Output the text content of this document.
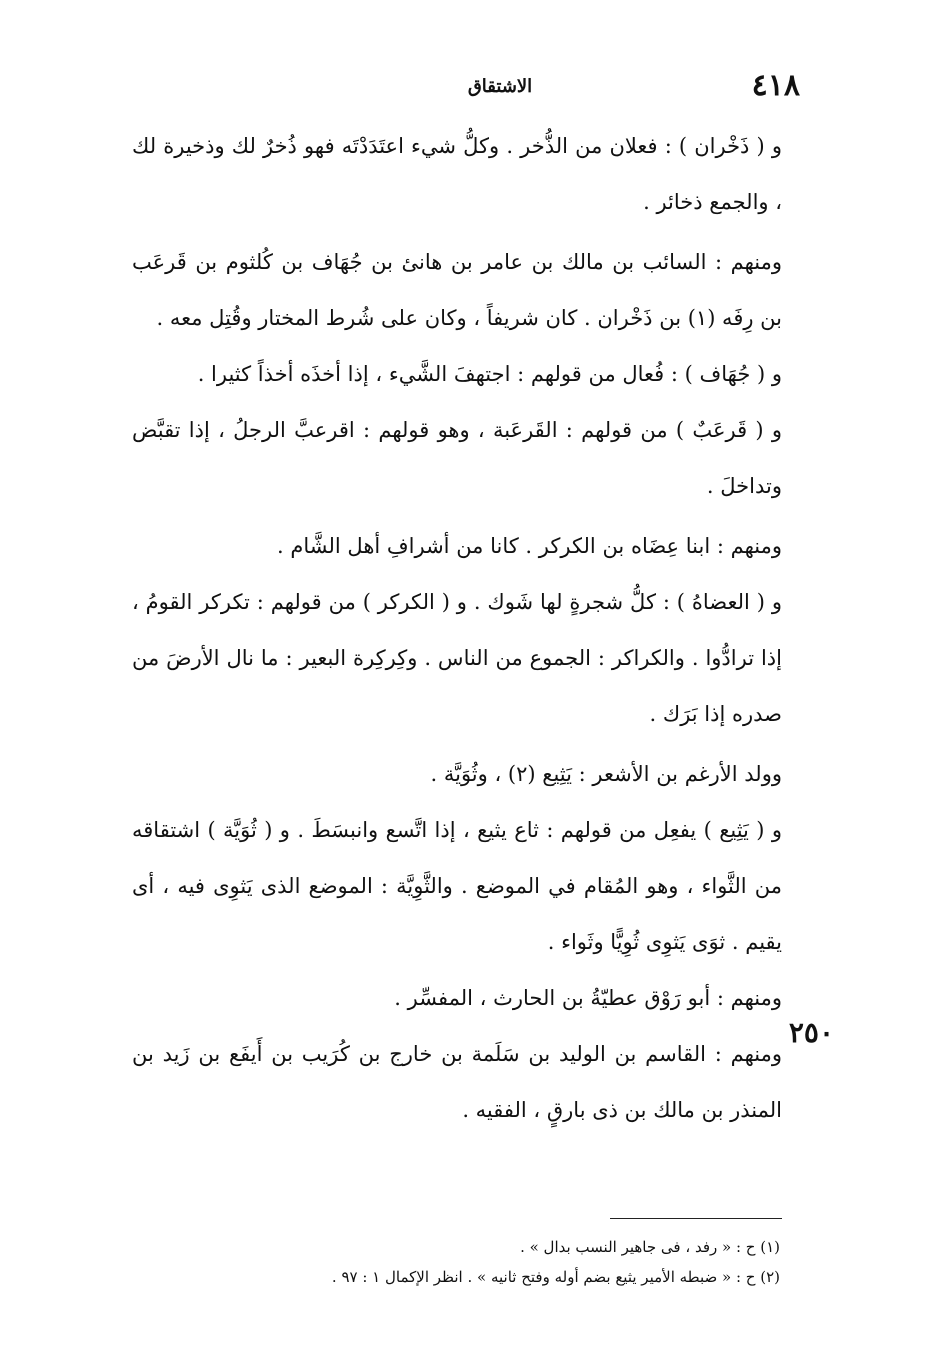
٤١٨
الاشتقاق

و ( ذَخْران ) : فعلان من الذُّخر . وكلُّ شيء اعتَدَدْتَه فهو ذُخرٌ لك وذخيرة لك ، والجمع ذخائر .

ومنهم : السائب بن مالك بن عامر بن هانئ بن جُهَاف بن كُلثوم بن قَرعَب بن رِفَه (١) بن ذَخْران . كان شريفاً ، وكان على شُرط المختار وقُتِل معه .

و ( جُهَاف ) : فُعال من قولهم : اجتهفَ الشَّيء ، إذا أخذَه أخذاً كثيرا .

و ( قَرعَبٌ ) من قولهم : القَرعَبة ، وهو قولهم : اقرعبَّ الرجلُ ، إذا تقبَّض وتداخلَ .

ومنهم : ابنا عِضَاه بن الكركر . كانا من أشرافِ أهل الشَّام .

و ( العضاهُ ) : كلُّ شجرةٍ لها شَوك . و ( الكركر ) من قولهم : تكركر القومُ ، إذا ترادُّوا . والكراكر : الجموع من الناس . وكِركِرة البعير : ما نال الأرضَ من صدره إذا بَرَك .

وولد الأرغم بن الأشعر : يَثِيع (٢) ، وثُوَيَّة .

و ( يَثِيع ) يفعِل من قولهم : ثاع يثيع ، إذا اتَّسع وانبسَطَ . و ( ثُوَيَّة ) اشتقاقه من الثَّواء ، وهو المُقام في الموضع . والثَّوِيَّة : الموضع الذى يَثوِى فيه ، أى يقيم . ثوَى يَثوِى ثُوِيًّا وثَواء .

ومنهم : أبو رَوْق عطيّةُ بن الحارث ، المفسِّر .

ومنهم : القاسم بن الوليد بن سَلَمة بن خارج بن كُرَيب بن أَيفَع بن زَيد بن المنذر بن مالك بن ذى بارقٍ ، الفقيه .

٢٥٠

(١) ح : « رفد ، فى جاهير النسب بدال » .

(٢) ح : « ضبطه الأمير يثيع بضم أوله وفتح ثانيه » . انظر الإكمال ١ : ٩٧ .
